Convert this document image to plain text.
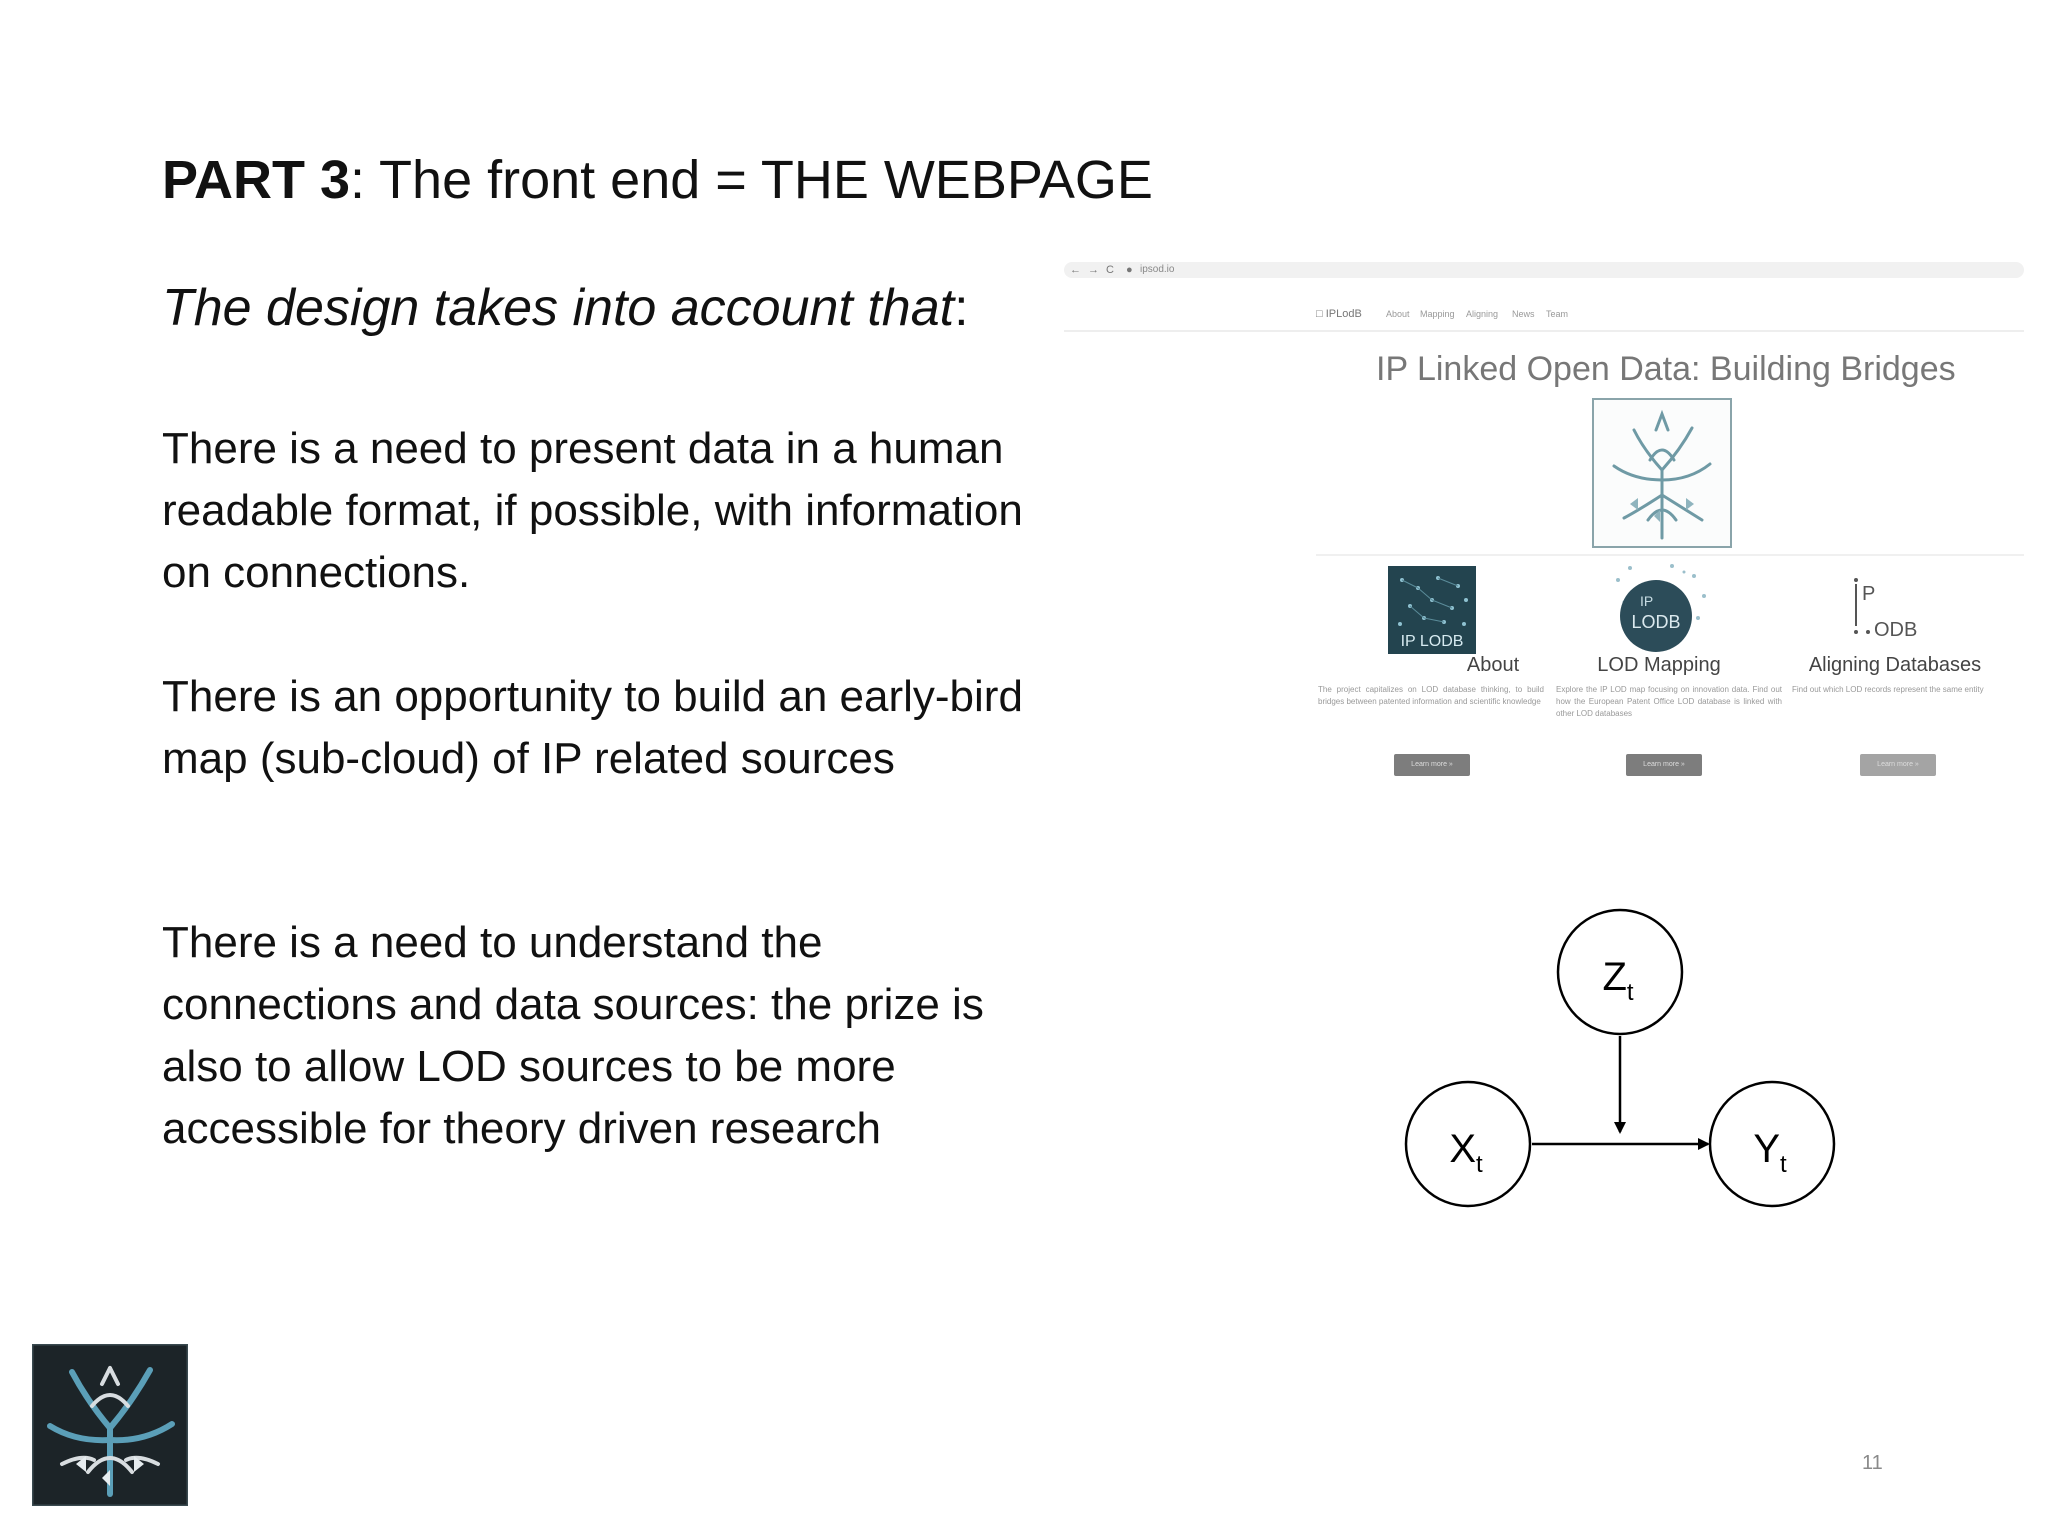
PART 3: The front end = THE WEBPAGE
The design takes into account that:
There is a need to present data in a human readable format, if possible, with information on connections.
There is an opportunity to build an early-bird map (sub-cloud) of IP related sources
There is a need to understand the connections and data sources: the prize is also to allow LOD sources to be more accessible for theory driven research
← → C ● ipsod.io
□ IPLodB	About Mapping Aligning News Team
IP Linked Open Data: Building Bridges
IP LODB
About
The project capitalizes on LOD database thinking, to build bridges between patented information and scientific knowledge
Learn more »
IP
LODB
LOD Mapping
Explore the IP LOD map focusing on innovation data. Find out how the European Patent Office LOD database is linked with other LOD databases
Learn more »
P
ODB
Aligning Databases
Find out which LOD records represent the same entity
Learn more »
$Z_t$
$X_t$	$Y_t$
11
